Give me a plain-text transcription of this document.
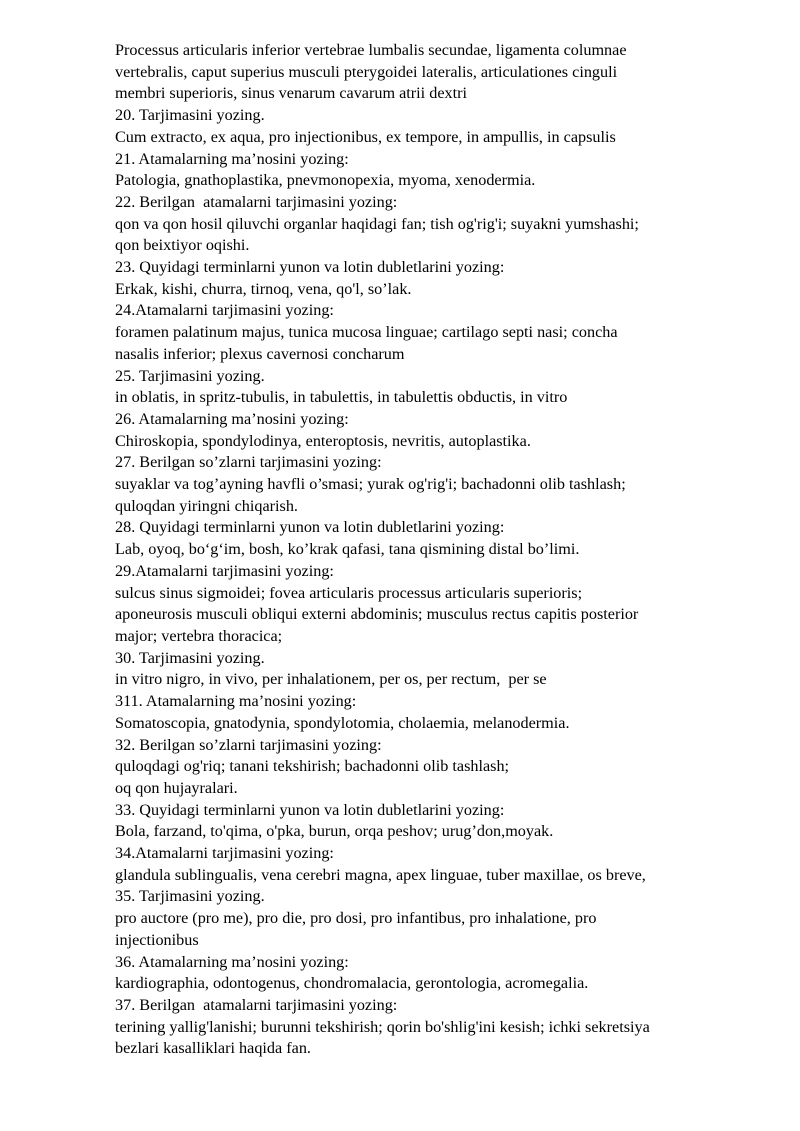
Processus articularis inferior vertebrae lumbalis secundae, ligamenta columnae
vertebralis, caput superius musculi pterygoidei lateralis, articulationes cinguli
membri superioris, sinus venarum cavarum atrii dextri
20. Tarjimasini yozing.
Cum extracto, ex aqua, pro injectionibus, ex tempore, in ampullis, in capsulis
21. Atamalarning ma’nosini yozing:
Patologia, gnathoplastika, pnevmonopexia, myoma, xenodermia.
22. Berilgan  atamalarni tarjimasini yozing:
qon va qon hosil qiluvchi organlar haqidagi fan; tish og'rig'i; suyakni yumshashi;
qon beixtiyor oqishi.
23. Quyidagi terminlarni yunon va lotin dubletlarini yozing:
Erkak, kishi, churra, tirnoq, vena, qo'l, so’lak.
24.Atamalarni tarjimasini yozing:
foramen palatinum majus, tunica mucosa linguae; cartilago septi nasi; concha
nasalis inferior; plexus cavernosi concharum
25. Tarjimasini yozing.
in oblatis, in spritz-tubulis, in tabulettis, in tabulettis obductis, in vitro
26. Atamalarning ma’nosini yozing:
Chiroskopia, spondylodinya, enteroptosis, nevritis, autoplastika.
27. Berilgan so’zlarni tarjimasini yozing:
suyaklar va tog’ayning havfli o’smasi; yurak og'rig'i; bachadonni olib tashlash;
quloqdan yiringni chiqarish.
28. Quyidagi terminlarni yunon va lotin dubletlarini yozing:
Lab, oyoq, bo‘g‘im, bosh, ko’krak qafasi, tana qismining distal bo’limi.
29.Atamalarni tarjimasini yozing:
sulcus sinus sigmoidei; fovea articularis processus articularis superioris;
aponeurosis musculi obliqui externi abdominis; musculus rectus capitis posterior
major; vertebra thoracica;
30. Tarjimasini yozing.
in vitro nigro, in vivo, per inhalationem, per os, per rectum,  per se
311. Atamalarning ma’nosini yozing:
Somatoscopia, gnatodynia, spondylotomia, cholaemia, melanodermia.
32. Berilgan so’zlarni tarjimasini yozing:
quloqdagi og'riq; tanani tekshirish; bachadonni olib tashlash;
oq qon hujayralari.
33. Quyidagi terminlarni yunon va lotin dubletlarini yozing:
Bola, farzand, to'qima, o'pka, burun, orqa peshov; urug’don,moyak.
34.Atamalarni tarjimasini yozing:
glandula sublingualis, vena cerebri magna, apex linguae, tuber maxillae, os breve,
35. Tarjimasini yozing.
pro auctore (pro me), pro die, pro dosi, pro infantibus, pro inhalatione, pro
injectionibus
36. Atamalarning ma’nosini yozing:
kardiographia, odontogenus, chondromalacia, gerontologia, acromegalia.
37. Berilgan  atamalarni tarjimasini yozing:
terining yallig'lanishi; burunni tekshirish; qorin bo'shlig'ini kesish; ichki sekretsiya
bezlari kasalliklari haqida fan.
